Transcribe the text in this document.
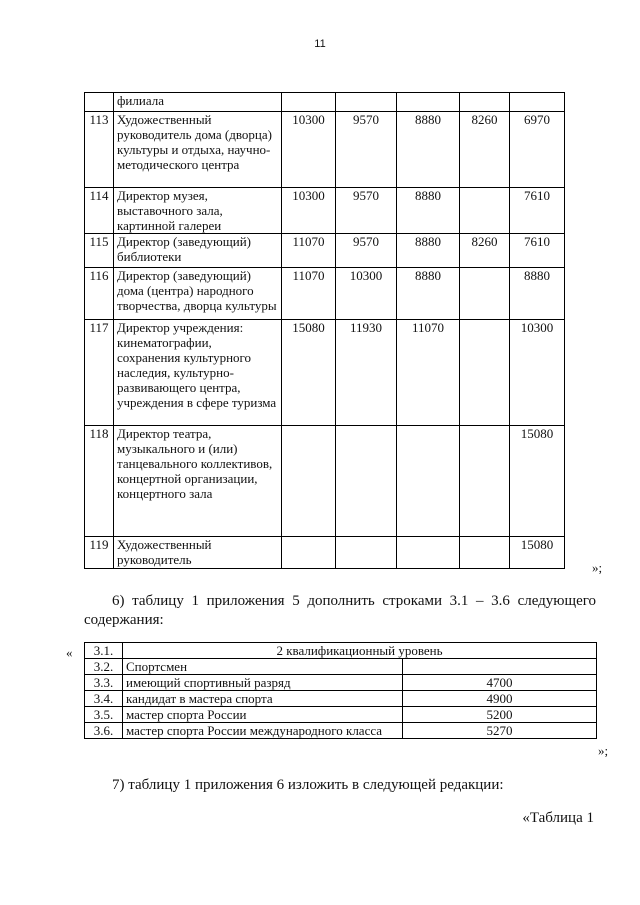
11
	филиала					
113	Художественный руководитель дома (дворца) культуры и отдыха, научно-методического центра	10300	9570	8880	8260	6970
114	Директор музея, выставочного зала, картинной галереи	10300	9570	8880		7610
115	Директор (заведующий) библиотеки	11070	9570	8880	8260	7610
116	Директор (заведующий) дома (центра) народного творчества, дворца культуры	11070	10300	8880		8880
117	Директор учреждения: кинематографии, сохранения культурного наследия, культурно-развивающего центра, учреждения в сфере туризма	15080	11930	11070		10300
118	Директор театра, музыкального и (или) танцевального коллективов, концертной организации, концертного зала					15080
119	Художественный руководитель					15080
»;
6) таблицу 1 приложения 5 дополнить строками 3.1 – 3.6 следующего содержания:
« 3.1.	2 квалификационный уровень	
3.2.	Спортсмен	
3.3.	имеющий спортивный разряд	4700
3.4.	кандидат в мастера спорта	4900
3.5.	мастер спорта России	5200
3.6.	мастер спорта России международного класса	5270
»;
7) таблицу 1 приложения 6 изложить в следующей редакции:
«Таблица 1
